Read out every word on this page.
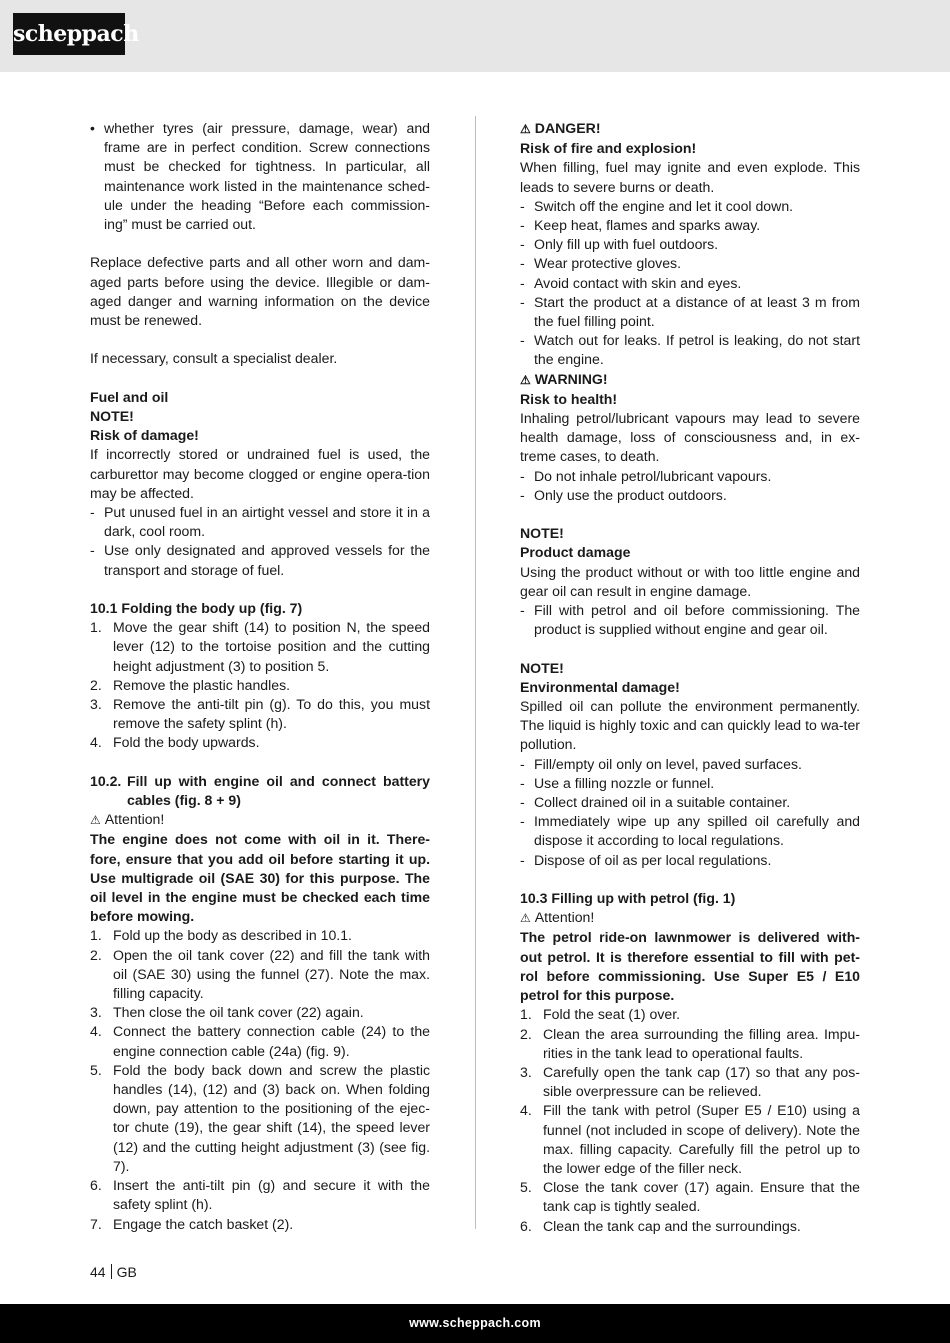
scheppach
• whether tyres (air pressure, damage, wear) and frame are in perfect condition. Screw connections must be checked for tightness. In particular, all maintenance work listed in the maintenance sched-ule under the heading “Before each commission-ing” must be carried out.

Replace defective parts and all other worn and dam-aged parts before using the device. Illegible or dam-aged danger and warning information on the device must be renewed.

If necessary, consult a specialist dealer.

Fuel and oil
NOTE!
Risk of damage!

If incorrectly stored or undrained fuel is used, the carburettor may become clogged or engine opera-tion may be affected.

- Put unused fuel in an airtight vessel and store it in a dark, cool room.
- Use only designated and approved vessels for the transport and storage of fuel.
10.1 Folding the body up (fig. 7)
1. Move the gear shift (14) to position N, the speed lever (12) to the tortoise position and the cutting height adjustment (3) to position 5.
2. Remove the plastic handles.
3. Remove the anti-tilt pin (g). To do this, you must remove the safety splint (h).
4. Fold the body upwards.
10.2. Fill up with engine oil and connect battery cables (fig. 8 + 9)
⚠ Attention!

The engine does not come with oil in it. There-fore, ensure that you add oil before starting it up. Use multigrade oil (SAE 30) for this purpose. The oil level in the engine must be checked each time before mowing.

1. Fold up the body as described in 10.1.
2. Open the oil tank cover (22) and fill the tank with oil (SAE 30) using the funnel (27). Note the max. filling capacity.
3. Then close the oil tank cover (22) again.
4. Connect the battery connection cable (24) to the engine connection cable (24a) (fig. 9).
5. Fold the body back down and screw the plastic handles (14), (12) and (3) back on. When folding down, pay attention to the positioning of the ejec-tor chute (19), the gear shift (14), the speed lever (12) and the cutting height adjustment (3) (see fig. 7).
6. Insert the anti-tilt pin (g) and secure it with the safety splint (h).
7. Engage the catch basket (2).
⚠ DANGER!
Risk of fire and explosion!

When filling, fuel may ignite and even explode. This leads to severe burns or death.

- Switch off the engine and let it cool down.
- Keep heat, flames and sparks away.
- Only fill up with fuel outdoors.
- Wear protective gloves.
- Avoid contact with skin and eyes.
- Start the product at a distance of at least 3 m from the fuel filling point.
- Watch out for leaks. If petrol is leaking, do not start the engine.
⚠ WARNING!
Risk to health!

Inhaling petrol/lubricant vapours may lead to severe health damage, loss of consciousness and, in ex-treme cases, to death.

- Do not inhale petrol/lubricant vapours.
- Only use the product outdoors.
NOTE!
Product damage

Using the product without or with too little engine and gear oil can result in engine damage.

- Fill with petrol and oil before commissioning. The product is supplied without engine and gear oil.
NOTE!
Environmental damage!

Spilled oil can pollute the environment permanently. The liquid is highly toxic and can quickly lead to wa-ter pollution.

- Fill/empty oil only on level, paved surfaces.
- Use a filling nozzle or funnel.
- Collect drained oil in a suitable container.
- Immediately wipe up any spilled oil carefully and dispose it according to local regulations.
- Dispose of oil as per local regulations.
10.3 Filling up with petrol (fig. 1)
⚠ Attention!

The petrol ride-on lawnmower is delivered with-out petrol. It is therefore essential to fill with pet-rol before commissioning. Use Super E5 / E10 petrol for this purpose.

1. Fold the seat (1) over.
2. Clean the area surrounding the filling area. Impu-rities in the tank lead to operational faults.
3. Carefully open the tank cap (17) so that any pos-sible overpressure can be relieved.
4. Fill the tank with petrol (Super E5 / E10) using a funnel (not included in scope of delivery). Note the max. filling capacity. Carefully fill the petrol up to the lower edge of the filler neck.
5. Close the tank cover (17) again. Ensure that the tank cap is tightly sealed.
6. Clean the tank cap and the surroundings.
44 GB
www.scheppach.com
